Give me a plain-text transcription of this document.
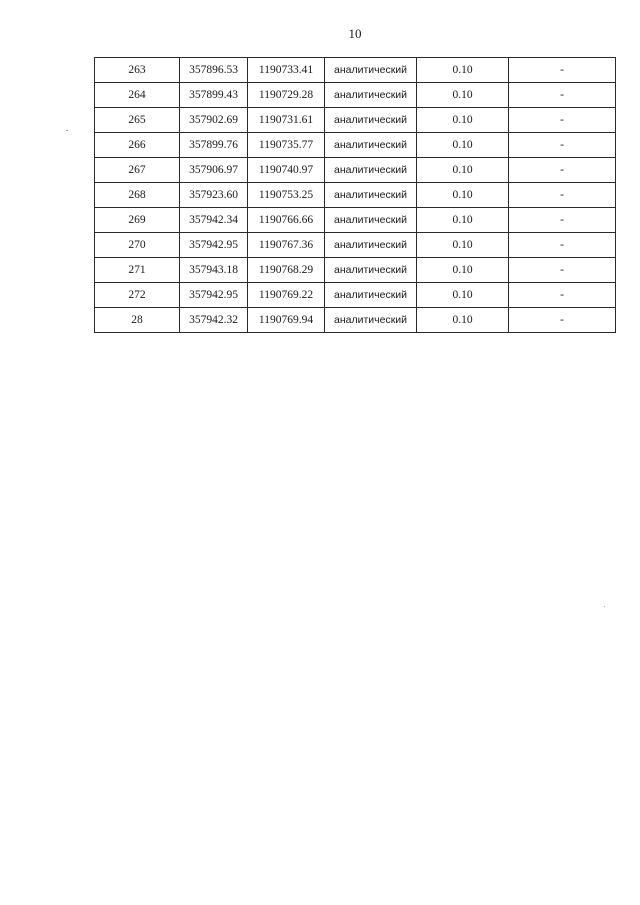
10
263	357896.53	1190733.41	аналитический	0.10	-
264	357899.43	1190729.28	аналитический	0.10	-
265	357902.69	1190731.61	аналитический	0.10	-
266	357899.76	1190735.77	аналитический	0.10	-
267	357906.97	1190740.97	аналитический	0.10	-
268	357923.60	1190753.25	аналитический	0.10	-
269	357942.34	1190766.66	аналитический	0.10	-
270	357942.95	1190767.36	аналитический	0.10	-
271	357943.18	1190768.29	аналитический	0.10	-
272	357942.95	1190769.22	аналитический	0.10	-
28	357942.32	1190769.94	аналитический	0.10	-
